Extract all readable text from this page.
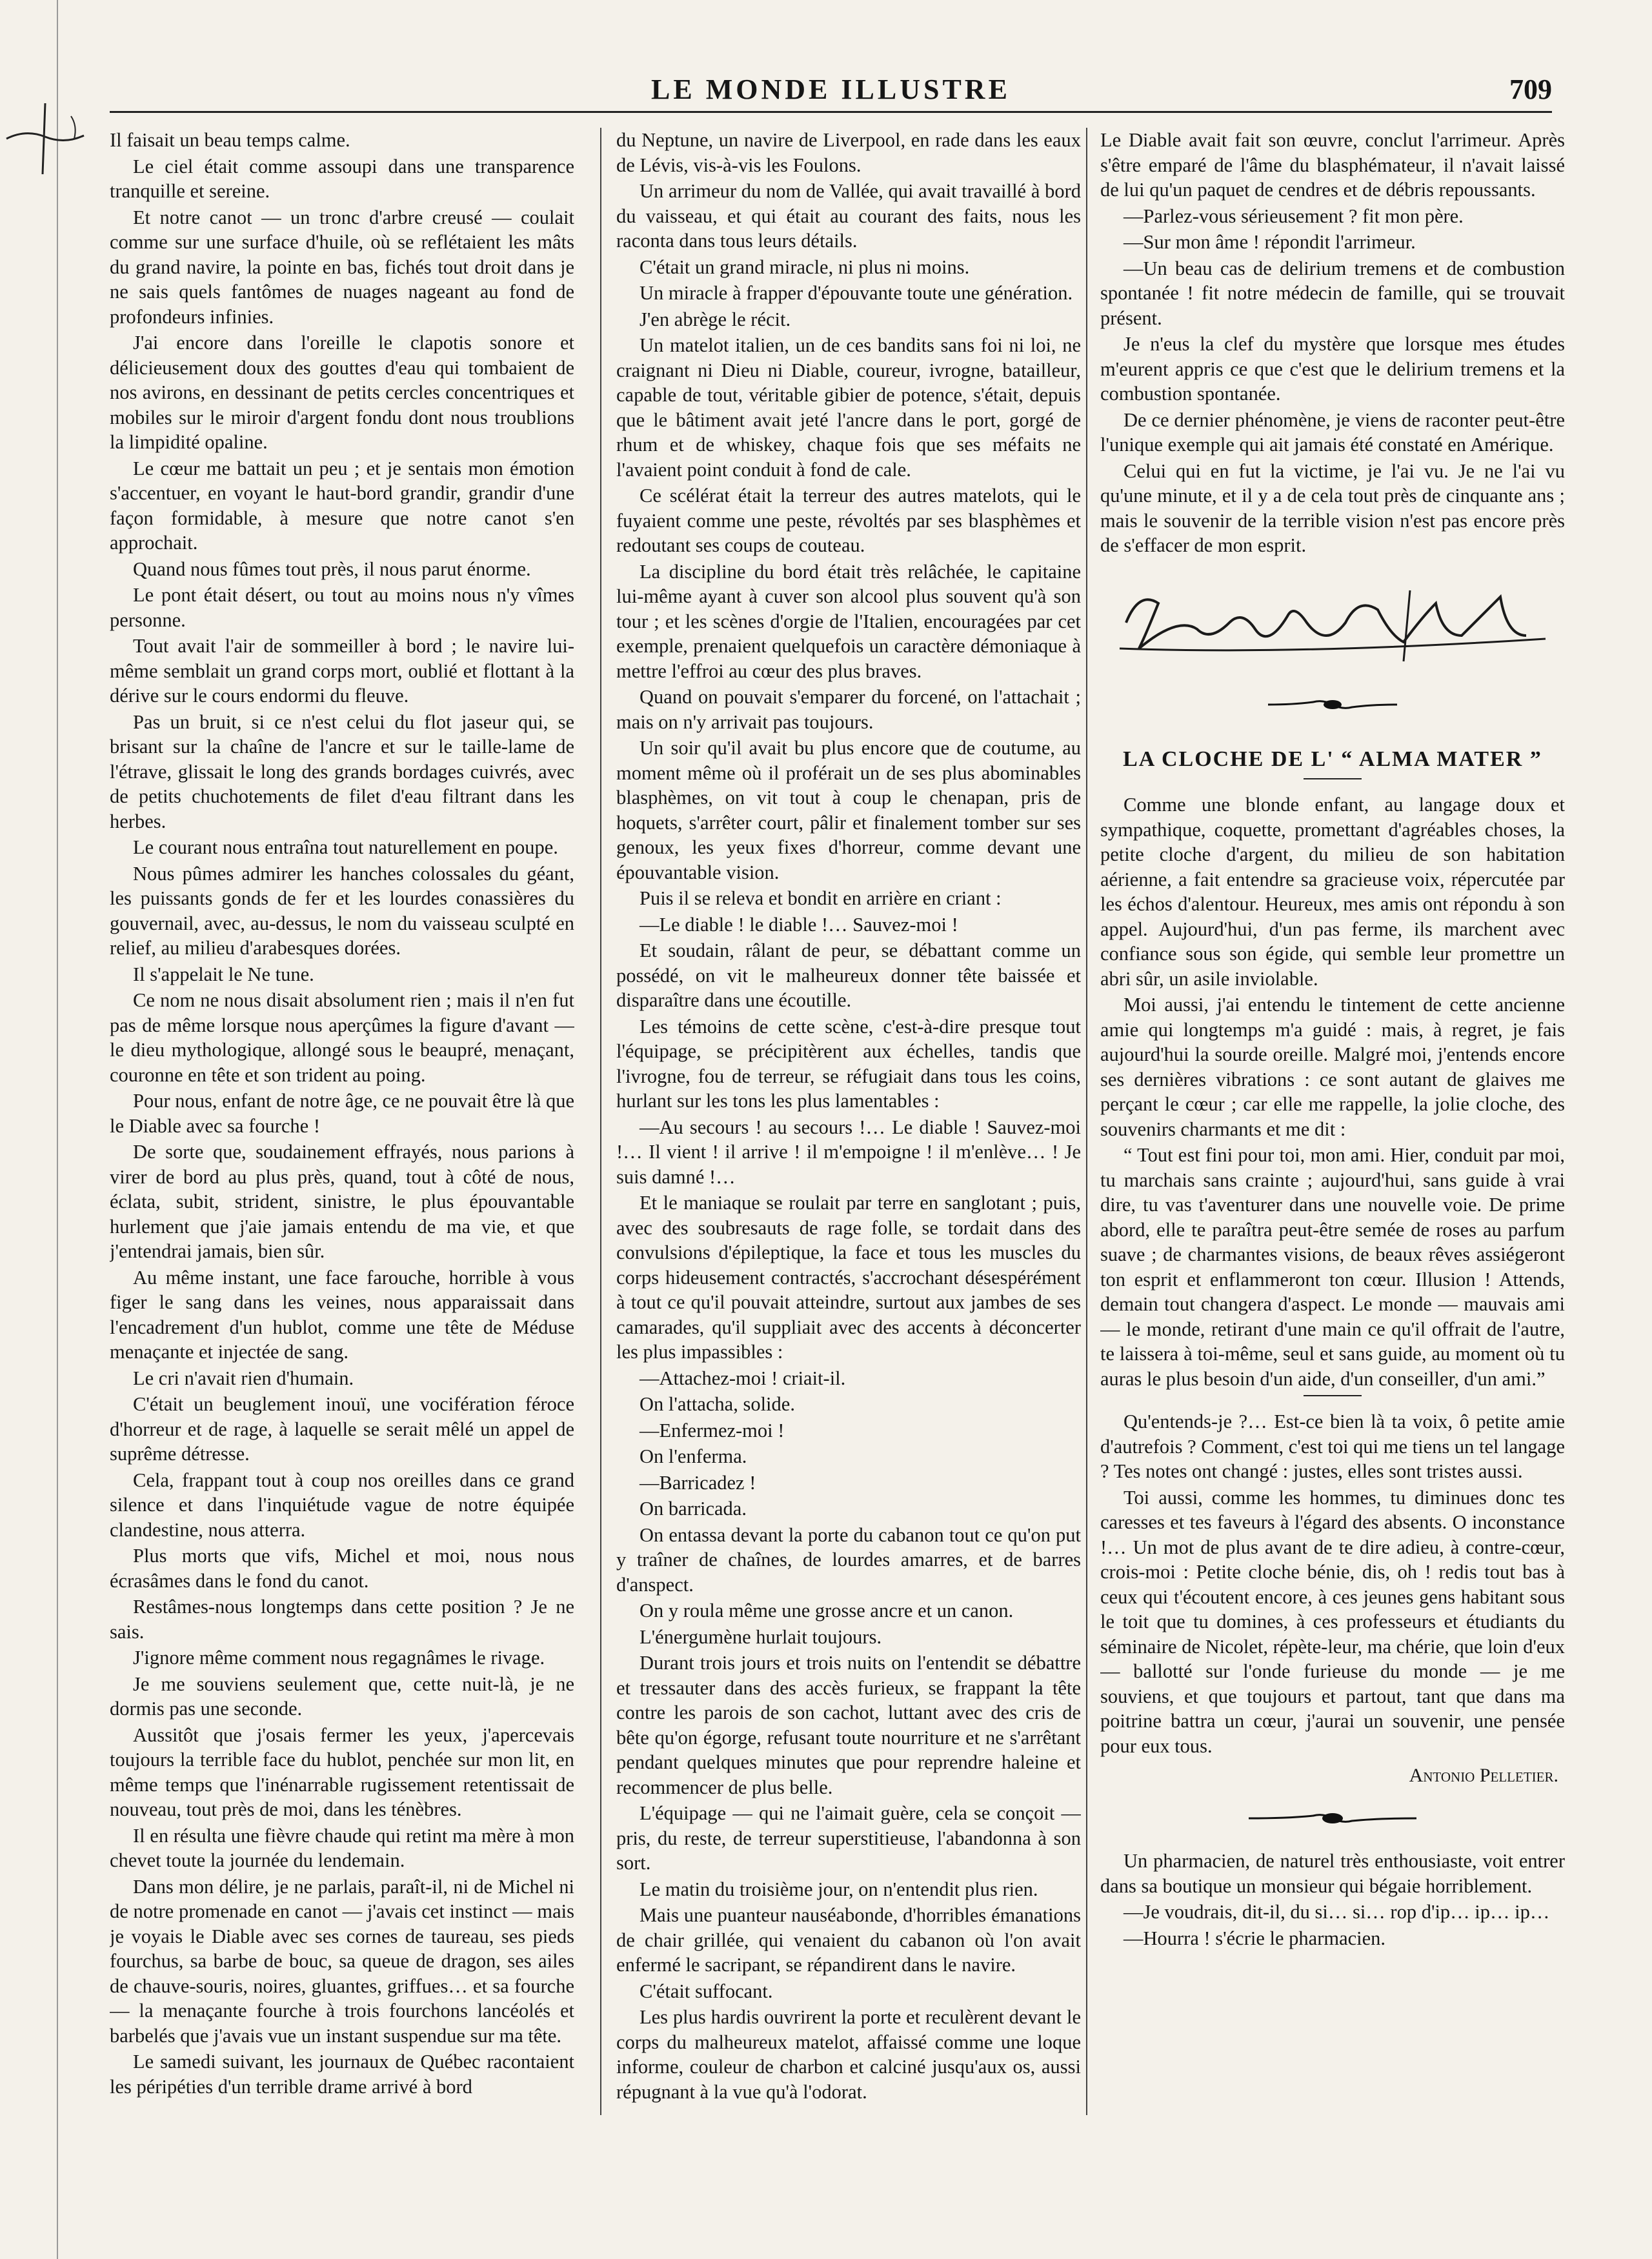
LE MONDE ILLUSTRE	709

Il faisait un beau temps calme.

Le ciel était comme assoupi dans une transparence tranquille et sereine.

Et notre canot — un tronc d'arbre creusé — coulait comme sur une surface d'huile, où se reflétaient les mâts du grand navire, la pointe en bas, fichés tout droit dans je ne sais quels fantômes de nuages nageant au fond de profondeurs infinies.

J'ai encore dans l'oreille le clapotis sonore et délicieusement doux des gouttes d'eau qui tombaient de nos avirons, en dessinant de petits cercles concentriques et mobiles sur le miroir d'argent fondu dont nous troublions la limpidité opaline.

Le cœur me battait un peu ; et je sentais mon émotion s'accentuer, en voyant le haut-bord grandir, grandir d'une façon formidable, à mesure que notre canot s'en approchait.

Quand nous fûmes tout près, il nous parut énorme.

Le pont était désert, ou tout au moins nous n'y vîmes personne.

Tout avait l'air de sommeiller à bord ; le navire lui-même semblait un grand corps mort, oublié et flottant à la dérive sur le cours endormi du fleuve.

Pas un bruit, si ce n'est celui du flot jaseur qui, se brisant sur la chaîne de l'ancre et sur le taille-lame de l'étrave, glissait le long des grands bordages cuivrés, avec de petits chuchotements de filet d'eau filtrant dans les herbes.

Le courant nous entraîna tout naturellement en poupe.

Nous pûmes admirer les hanches colossales du géant, les puissants gonds de fer et les lourdes conassières du gouvernail, avec, au-dessus, le nom du vaisseau sculpté en relief, au milieu d'arabesques dorées.

Il s'appelait le Ne tune.

Ce nom ne nous disait absolument rien ; mais il n'en fut pas de même lorsque nous aperçûmes la figure d'avant — le dieu mythologique, allongé sous le beaupré, menaçant, couronne en tête et son trident au poing.

Pour nous, enfant de notre âge, ce ne pouvait être là que le Diable avec sa fourche !

De sorte que, soudainement effrayés, nous parions à virer de bord au plus près, quand, tout à côté de nous, éclata, subit, strident, sinistre, le plus épouvantable hurlement que j'aie jamais entendu de ma vie, et que j'entendrai jamais, bien sûr.

Au même instant, une face farouche, horrible à vous figer le sang dans les veines, nous apparaissait dans l'encadrement d'un hublot, comme une tête de Méduse menaçante et injectée de sang.

Le cri n'avait rien d'humain.

C'était un beuglement inouï, une vocifération féroce d'horreur et de rage, à laquelle se serait mêlé un appel de suprême détresse.

Cela, frappant tout à coup nos oreilles dans ce grand silence et dans l'inquiétude vague de notre équipée clandestine, nous atterra.

Plus morts que vifs, Michel et moi, nous nous écrasâmes dans le fond du canot.

Restâmes-nous longtemps dans cette position ? Je ne sais.

J'ignore même comment nous regagnâmes le rivage.

Je me souviens seulement que, cette nuit-là, je ne dormis pas une seconde.

Aussitôt que j'osais fermer les yeux, j'apercevais toujours la terrible face du hublot, penchée sur mon lit, en même temps que l'inénarrable rugissement retentissait de nouveau, tout près de moi, dans les ténèbres.

Il en résulta une fièvre chaude qui retint ma mère à mon chevet toute la journée du lendemain.

Dans mon délire, je ne parlais, paraît-il, ni de Michel ni de notre promenade en canot — j'avais cet instinct — mais je voyais le Diable avec ses cornes de taureau, ses pieds fourchus, sa barbe de bouc, sa queue de dragon, ses ailes de chauve-souris, noires, gluantes, griffues… et sa fourche — la menaçante fourche à trois fourchons lancéolés et barbelés que j'avais vue un instant suspendue sur ma tête.

Le samedi suivant, les journaux de Québec racontaient les péripéties d'un terrible drame arrivé à bord

du Neptune, un navire de Liverpool, en rade dans les eaux de Lévis, vis-à-vis les Foulons.

Un arrimeur du nom de Vallée, qui avait travaillé à bord du vaisseau, et qui était au courant des faits, nous les raconta dans tous leurs détails.

C'était un grand miracle, ni plus ni moins.

Un miracle à frapper d'épouvante toute une génération.

J'en abrège le récit.

Un matelot italien, un de ces bandits sans foi ni loi, ne craignant ni Dieu ni Diable, coureur, ivrogne, batailleur, capable de tout, véritable gibier de potence, s'était, depuis que le bâtiment avait jeté l'ancre dans le port, gorgé de rhum et de whiskey, chaque fois que ses méfaits ne l'avaient point conduit à fond de cale.

Ce scélérat était la terreur des autres matelots, qui le fuyaient comme une peste, révoltés par ses blasphèmes et redoutant ses coups de couteau.

La discipline du bord était très relâchée, le capitaine lui-même ayant à cuver son alcool plus souvent qu'à son tour ; et les scènes d'orgie de l'Italien, encouragées par cet exemple, prenaient quelquefois un caractère démoniaque à mettre l'effroi au cœur des plus braves.

Quand on pouvait s'emparer du forcené, on l'attachait ; mais on n'y arrivait pas toujours.

Un soir qu'il avait bu plus encore que de coutume, au moment même où il proférait un de ses plus abominables blasphèmes, on vit tout à coup le chenapan, pris de hoquets, s'arrêter court, pâlir et finalement tomber sur ses genoux, les yeux fixes d'horreur, comme devant une épouvantable vision.

Puis il se releva et bondit en arrière en criant :

—Le diable ! le diable !… Sauvez-moi !

Et soudain, râlant de peur, se débattant comme un possédé, on vit le malheureux donner tête baissée et disparaître dans une écoutille.

Les témoins de cette scène, c'est-à-dire presque tout l'équipage, se précipitèrent aux échelles, tandis que l'ivrogne, fou de terreur, se réfugiait dans tous les coins, hurlant sur les tons les plus lamentables :

—Au secours ! au secours !… Le diable ! Sauvez-moi !… Il vient ! il arrive ! il m'empoigne ! il m'enlève… ! Je suis damné !…

Et le maniaque se roulait par terre en sanglotant ; puis, avec des soubresauts de rage folle, se tordait dans des convulsions d'épileptique, la face et tous les muscles du corps hideusement contractés, s'accrochant désespérément à tout ce qu'il pouvait atteindre, surtout aux jambes de ses camarades, qu'il suppliait avec des accents à déconcerter les plus impassibles :

—Attachez-moi ! criait-il.

On l'attacha, solide.

—Enfermez-moi !

On l'enferma.

—Barricadez !

On barricada.

On entassa devant la porte du cabanon tout ce qu'on put y traîner de chaînes, de lourdes amarres, et de barres d'anspect.

On y roula même une grosse ancre et un canon.

L'énergumène hurlait toujours.

Durant trois jours et trois nuits on l'entendit se débattre et tressauter dans des accès furieux, se frappant la tête contre les parois de son cachot, luttant avec des cris de bête qu'on égorge, refusant toute nourriture et ne s'arrêtant pendant quelques minutes que pour reprendre haleine et recommencer de plus belle.

L'équipage — qui ne l'aimait guère, cela se conçoit — pris, du reste, de terreur superstitieuse, l'abandonna à son sort.

Le matin du troisième jour, on n'entendit plus rien.

Mais une puanteur nauséabonde, d'horribles émanations de chair grillée, qui venaient du cabanon où l'on avait enfermé le sacripant, se répandirent dans le navire.

C'était suffocant.

Les plus hardis ouvrirent la porte et reculèrent devant le corps du malheureux matelot, affaissé comme une loque informe, couleur de charbon et calciné jusqu'aux os, aussi répugnant à la vue qu'à l'odorat.

Le Diable avait fait son œuvre, conclut l'arrimeur. Après s'être emparé de l'âme du blasphémateur, il n'avait laissé de lui qu'un paquet de cendres et de débris repoussants.

—Parlez-vous sérieusement ? fit mon père.

—Sur mon âme ! répondit l'arrimeur.

—Un beau cas de delirium tremens et de combustion spontanée ! fit notre médecin de famille, qui se trouvait présent.

Je n'eus la clef du mystère que lorsque mes études m'eurent appris ce que c'est que le delirium tremens et la combustion spontanée.

De ce dernier phénomène, je viens de raconter peut-être l'unique exemple qui ait jamais été constaté en Amérique.

Celui qui en fut la victime, je l'ai vu. Je ne l'ai vu qu'une minute, et il y a de cela tout près de cinquante ans ; mais le souvenir de la terrible vision n'est pas encore près de s'effacer de mon esprit.

LA CLOCHE DE L' “ ALMA MATER ”

Comme une blonde enfant, au langage doux et sympathique, coquette, promettant d'agréables choses, la petite cloche d'argent, du milieu de son habitation aérienne, a fait entendre sa gracieuse voix, répercutée par les échos d'alentour. Heureux, mes amis ont répondu à son appel. Aujourd'hui, d'un pas ferme, ils marchent avec confiance sous son égide, qui semble leur promettre un abri sûr, un asile inviolable.

Moi aussi, j'ai entendu le tintement de cette ancienne amie qui longtemps m'a guidé : mais, à regret, je fais aujourd'hui la sourde oreille. Malgré moi, j'entends encore ses dernières vibrations : ce sont autant de glaives me perçant le cœur ; car elle me rappelle, la jolie cloche, des souvenirs charmants et me dit :

“ Tout est fini pour toi, mon ami. Hier, conduit par moi, tu marchais sans crainte ; aujourd'hui, sans guide à vrai dire, tu vas t'aventurer dans une nouvelle voie. De prime abord, elle te paraîtra peut-être semée de roses au parfum suave ; de charmantes visions, de beaux rêves assiégeront ton esprit et enflammeront ton cœur. Illusion ! Attends, demain tout changera d'aspect. Le monde — mauvais ami — le monde, retirant d'une main ce qu'il offrait de l'autre, te laissera à toi-même, seul et sans guide, au moment où tu auras le plus besoin d'un aide, d'un conseiller, d'un ami.”

Qu'entends-je ?… Est-ce bien là ta voix, ô petite amie d'autrefois ? Comment, c'est toi qui me tiens un tel langage ? Tes notes ont changé : justes, elles sont tristes aussi.

Toi aussi, comme les hommes, tu diminues donc tes caresses et tes faveurs à l'égard des absents. O inconstance !… Un mot de plus avant de te dire adieu, à contre-cœur, crois-moi : Petite cloche bénie, dis, oh ! redis tout bas à ceux qui t'écoutent encore, à ces jeunes gens habitant sous le toit que tu domines, à ces professeurs et étudiants du séminaire de Nicolet, répète-leur, ma chérie, que loin d'eux — ballotté sur l'onde furieuse du monde — je me souviens, et que toujours et partout, tant que dans ma poitrine battra un cœur, j'aurai un souvenir, une pensée pour eux tous.

Antonio Pelletier.

Un pharmacien, de naturel très enthousiaste, voit entrer dans sa boutique un monsieur qui bégaie horriblement.

—Je voudrais, dit-il, du si… si… rop d'ip… ip… ip…

—Hourra ! s'écrie le pharmacien.
